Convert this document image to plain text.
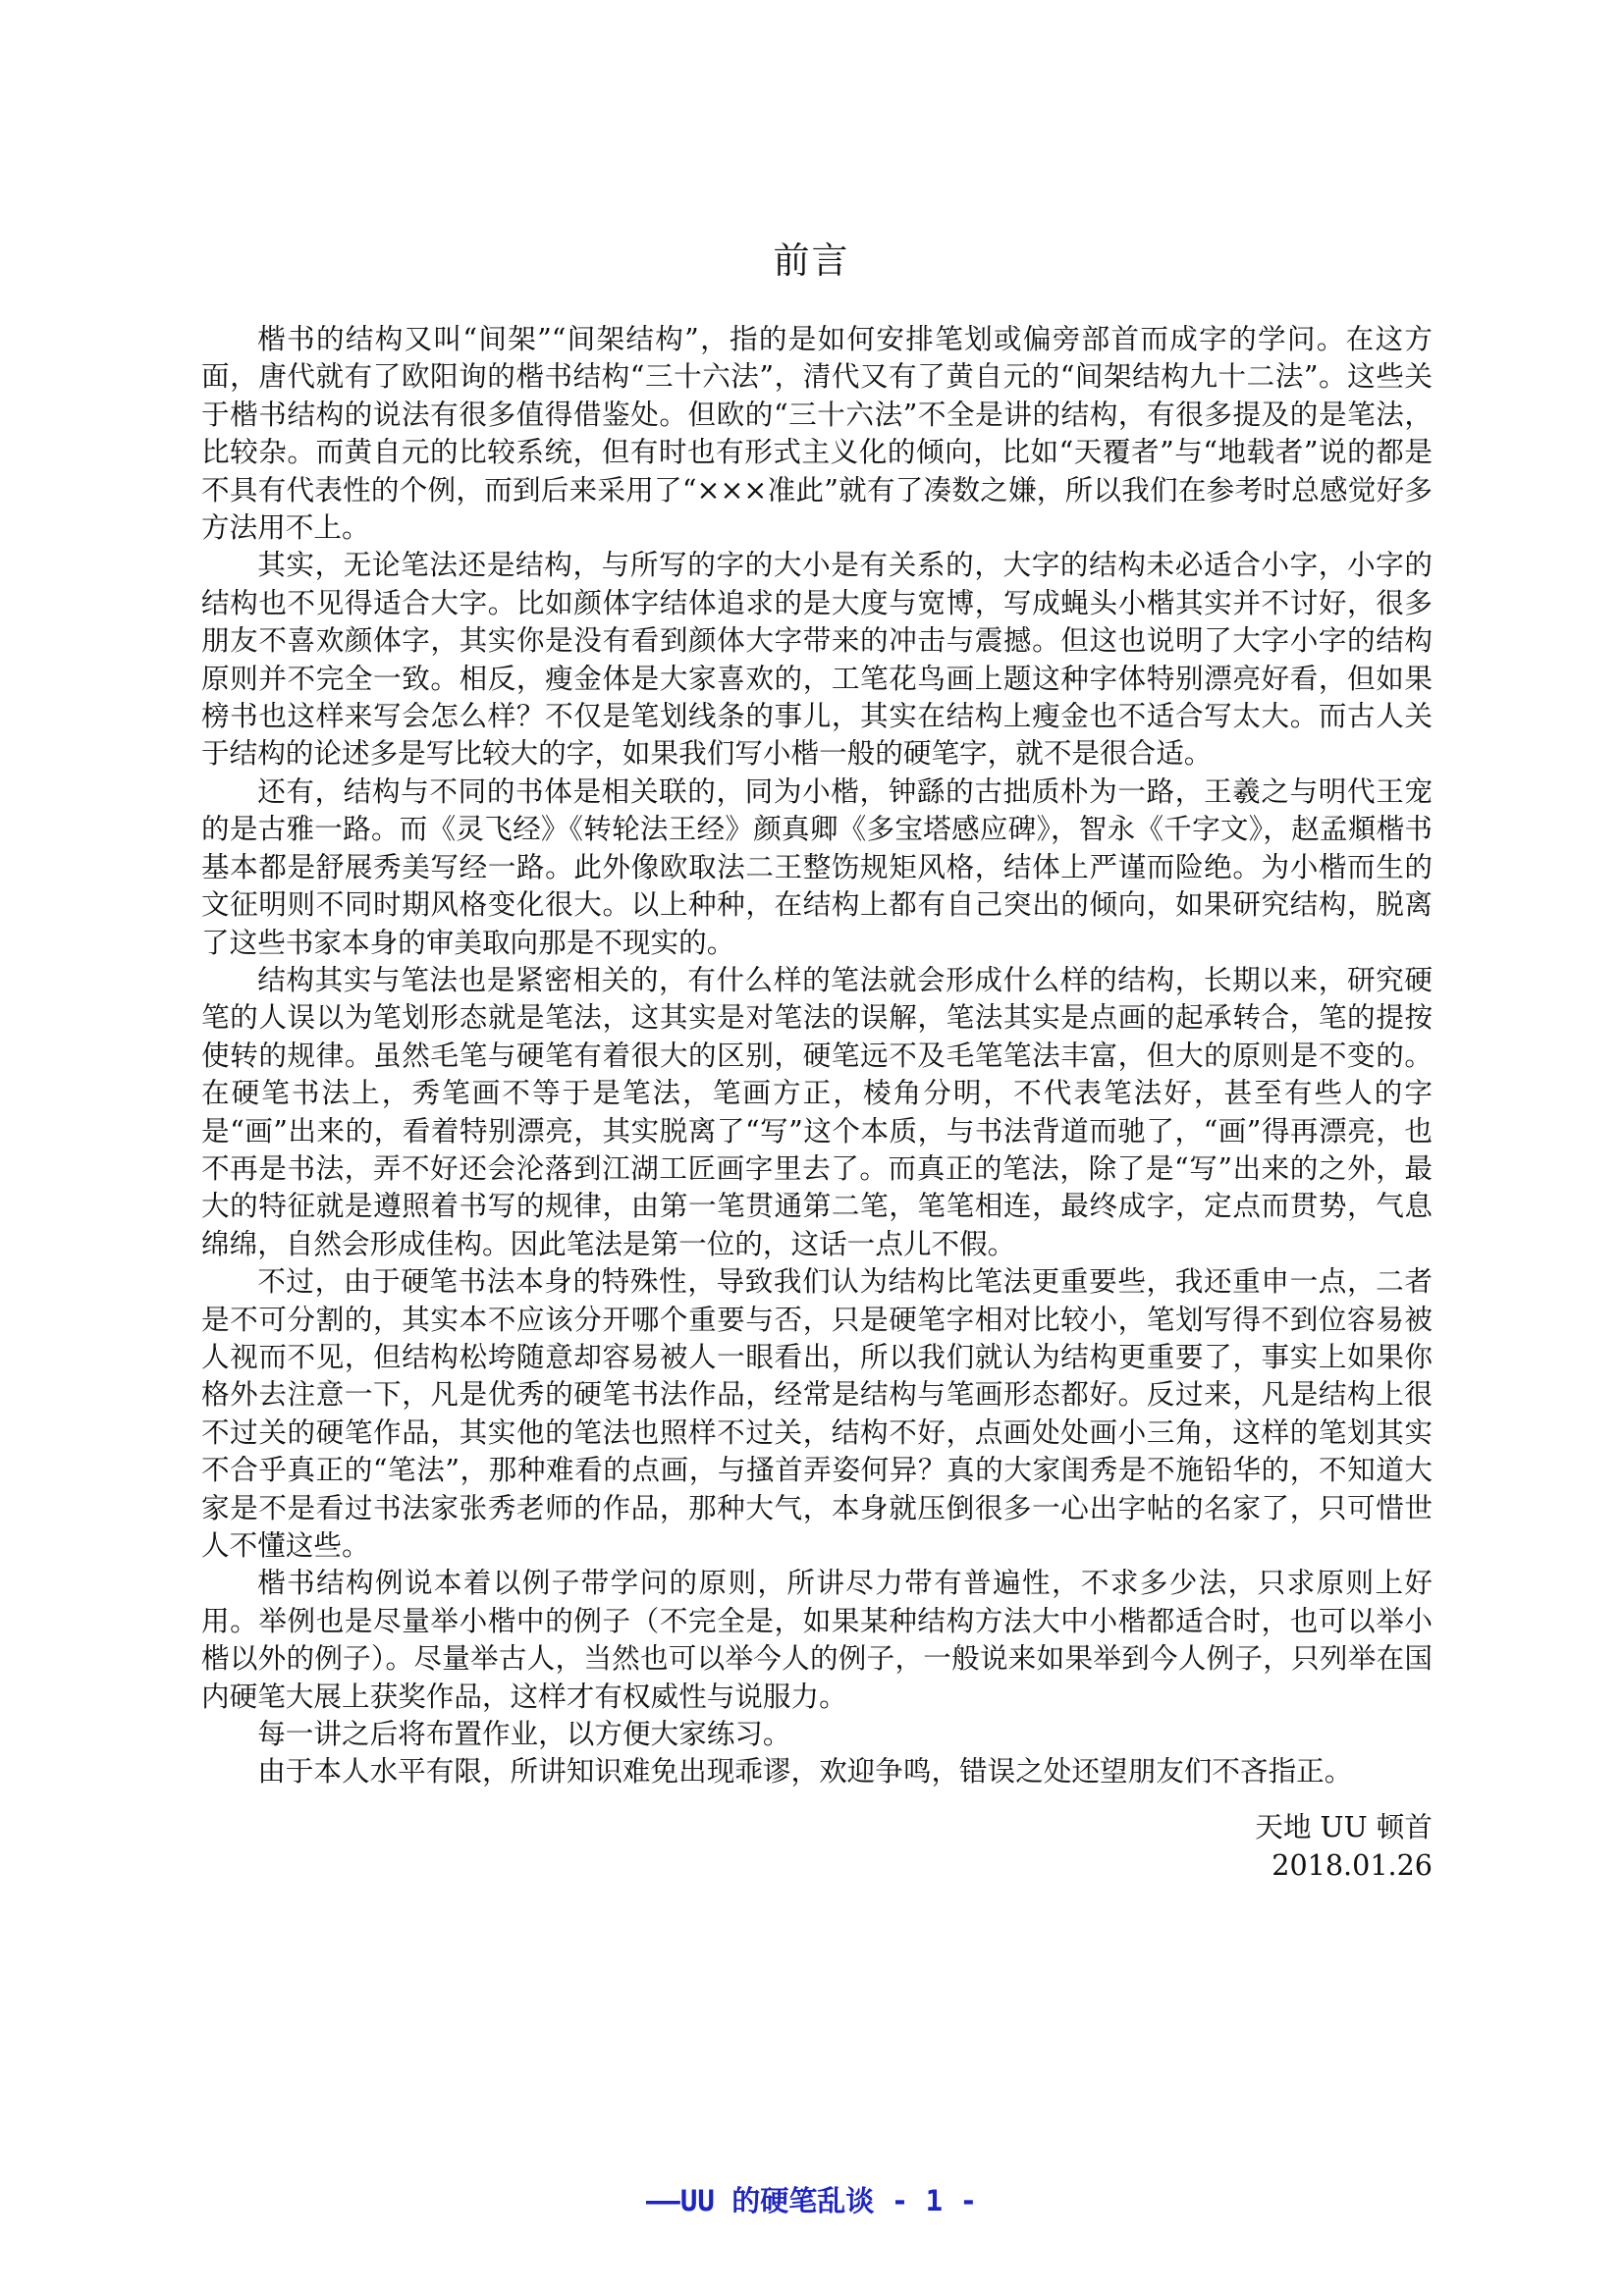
前言

楷书的结构又叫“间架”“间架结构”，指的是如何安排笔划或偏旁部首而成字的学问。在这方面，唐代就有了欧阳询的楷书结构“三十六法”，清代又有了黄自元的“间架结构九十二法”。这些关于楷书结构的说法有很多值得借鉴处。但欧的“三十六法”不全是讲的结构，有很多提及的是笔法，比较杂。而黄自元的比较系统，但有时也有形式主义化的倾向，比如“天覆者”与“地载者”说的都是不具有代表性的个例，而到后来采用了“×××准此”就有了凑数之嫌，所以我们在参考时总感觉好多方法用不上。

其实，无论笔法还是结构，与所写的字的大小是有关系的，大字的结构未必适合小字，小字的结构也不见得适合大字。比如颜体字结体追求的是大度与宽博，写成蝇头小楷其实并不讨好，很多朋友不喜欢颜体字，其实你是没有看到颜体大字带来的冲击与震撼。但这也说明了大字小字的结构原则并不完全一致。相反，瘦金体是大家喜欢的，工笔花鸟画上题这种字体特别漂亮好看，但如果榜书也这样来写会怎么样？不仅是笔划线条的事儿，其实在结构上瘦金也不适合写太大。而古人关于结构的论述多是写比较大的字，如果我们写小楷一般的硬笔字，就不是很合适。

还有，结构与不同的书体是相关联的，同为小楷，钟繇的古拙质朴为一路，王羲之与明代王宠的是古雅一路。而《灵飞经》《转轮法王经》颜真卿《多宝塔感应碑》，智永《千字文》，赵孟頫楷书基本都是舒展秀美写经一路。此外像欧取法二王整饬规矩风格，结体上严谨而险绝。为小楷而生的文征明则不同时期风格变化很大。以上种种，在结构上都有自己突出的倾向，如果研究结构，脱离了这些书家本身的审美取向那是不现实的。

结构其实与笔法也是紧密相关的，有什么样的笔法就会形成什么样的结构，长期以来，研究硬笔的人误以为笔划形态就是笔法，这其实是对笔法的误解，笔法其实是点画的起承转合，笔的提按使转的规律。虽然毛笔与硬笔有着很大的区别，硬笔远不及毛笔笔法丰富，但大的原则是不变的。在硬笔书法上，秀笔画不等于是笔法，笔画方正，棱角分明，不代表笔法好，甚至有些人的字是“画”出来的，看着特别漂亮，其实脱离了“写”这个本质，与书法背道而驰了，“画”得再漂亮，也不再是书法，弄不好还会沦落到江湖工匠画字里去了。而真正的笔法，除了是“写”出来的之外，最大的特征就是遵照着书写的规律，由第一笔贯通第二笔，笔笔相连，最终成字，定点而贯势，气息绵绵，自然会形成佳构。因此笔法是第一位的，这话一点儿不假。

不过，由于硬笔书法本身的特殊性，导致我们认为结构比笔法更重要些，我还重申一点，二者是不可分割的，其实本不应该分开哪个重要与否，只是硬笔字相对比较小，笔划写得不到位容易被人视而不见，但结构松垮随意却容易被人一眼看出，所以我们就认为结构更重要了，事实上如果你格外去注意一下，凡是优秀的硬笔书法作品，经常是结构与笔画形态都好。反过来，凡是结构上很不过关的硬笔作品，其实他的笔法也照样不过关，结构不好，点画处处画小三角，这样的笔划其实不合乎真正的“笔法”，那种难看的点画，与搔首弄姿何异？真的大家闺秀是不施铅华的，不知道大家是不是看过书法家张秀老师的作品，那种大气，本身就压倒很多一心出字帖的名家了，只可惜世人不懂这些。

楷书结构例说本着以例子带学问的原则，所讲尽力带有普遍性，不求多少法，只求原则上好用。举例也是尽量举小楷中的例子（不完全是，如果某种结构方法大中小楷都适合时，也可以举小楷以外的例子）。尽量举古人，当然也可以举今人的例子，一般说来如果举到今人例子，只列举在国内硬笔大展上获奖作品，这样才有权威性与说服力。

每一讲之后将布置作业，以方便大家练习。

由于本人水平有限，所讲知识难免出现乖谬，欢迎争鸣，错误之处还望朋友们不吝指正。

天地 UU 顿首
2018.01.26
——UU 的硬笔乱谈 - 1 -
